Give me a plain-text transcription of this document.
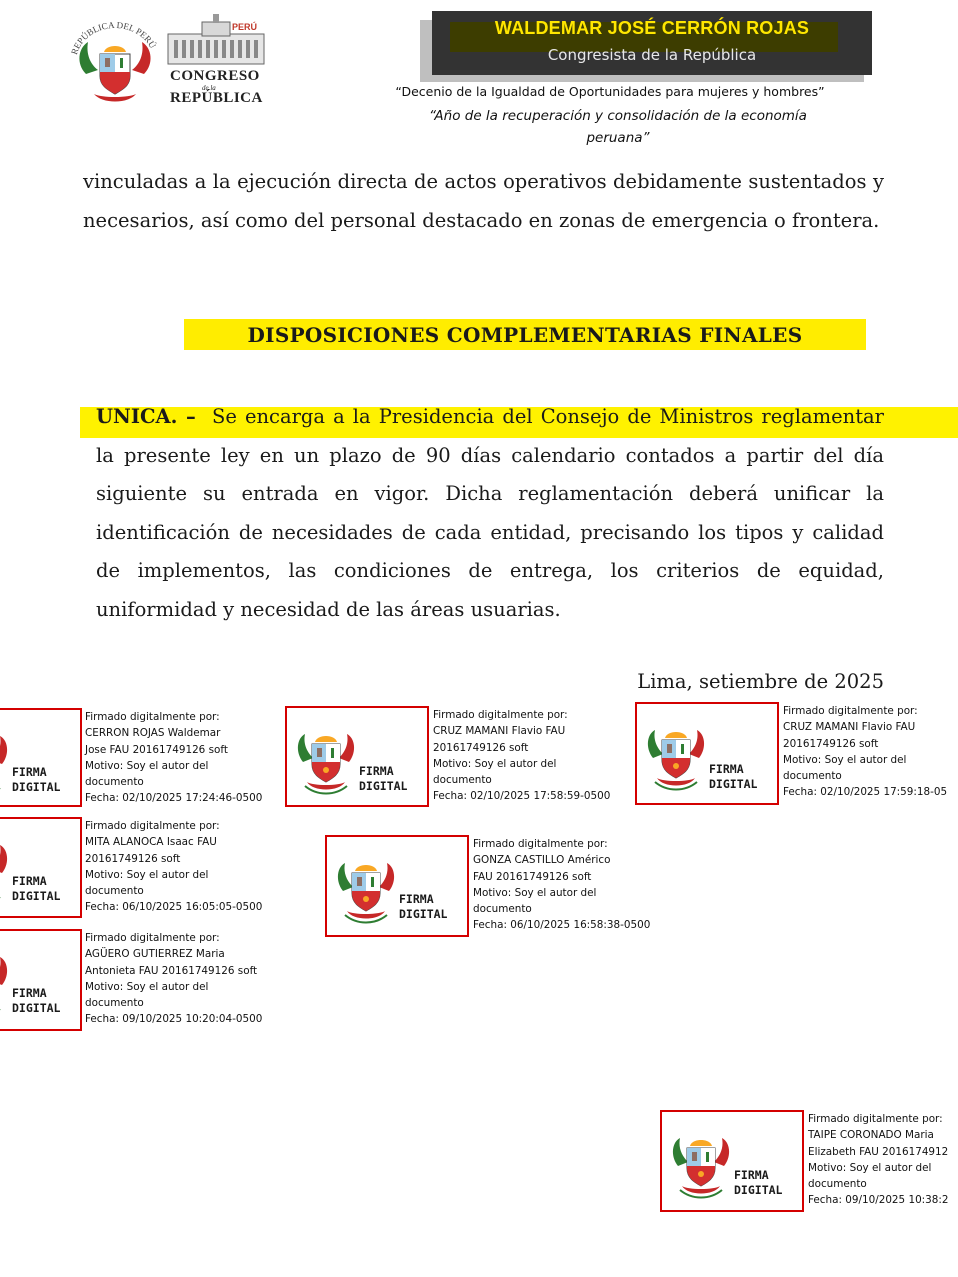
REPÚBLICA DEL PERÚ
PERÚ
CONGRESO
de la
REPÚBLICA
WALDEMAR JOSÉ CERRÓN ROJAS
Congresista de la República
“Decenio de la Igualdad de Oportunidades para mujeres y hombres”
“Año de la recuperación y consolidación de la economía peruana”
vinculadas a la ejecución directa de actos operativos debidamente sustentados y necesarios, así como del personal destacado en zonas de emergencia o frontera.
DISPOSICIONES COMPLEMENTARIAS FINALES
UNICA. – Se encarga a la Presidencia del Consejo de Ministros reglamentar la presente ley en un plazo de 90 días calendario contados a partir del día siguiente su entrada en vigor. Dicha reglamentación deberá unificar la identificación de necesidades de cada entidad, precisando los tipos y calidad de implementos, las condiciones de entrega, los criterios de equidad, uniformidad y necesidad de las áreas usuarias.
Lima, setiembre de 2025
FIRMA
DIGITAL
Firmado digitalmente por:
CERRON ROJAS Waldemar
Jose FAU 20161749126 soft
Motivo: Soy el autor del
documento
Fecha: 02/10/2025 17:24:46-0500
FIRMA
DIGITAL
Firmado digitalmente por:
CRUZ MAMANI Flavio FAU
20161749126 soft
Motivo: Soy el autor del
documento
Fecha: 02/10/2025 17:58:59-0500
FIRMA
DIGITAL
Firmado digitalmente por:
CRUZ MAMANI Flavio FAU
20161749126 soft
Motivo: Soy el autor del
documento
Fecha: 02/10/2025 17:59:18-05
FIRMA
DIGITAL
Firmado digitalmente por:
MITA ALANOCA Isaac FAU
20161749126 soft
Motivo: Soy el autor del
documento
Fecha: 06/10/2025 16:05:05-0500
FIRMA
DIGITAL
Firmado digitalmente por:
GONZA CASTILLO Américo
FAU 20161749126 soft
Motivo: Soy el autor del
documento
Fecha: 06/10/2025 16:58:38-0500
FIRMA
DIGITAL
Firmado digitalmente por:
AGÜERO GUTIERREZ Maria
Antonieta FAU 20161749126 soft
Motivo: Soy el autor del
documento
Fecha: 09/10/2025 10:20:04-0500
FIRMA
DIGITAL
Firmado digitalmente por:
TAIPE CORONADO Maria
Elizabeth FAU 2016174912
Motivo: Soy el autor del
documento
Fecha: 09/10/2025 10:38:2
